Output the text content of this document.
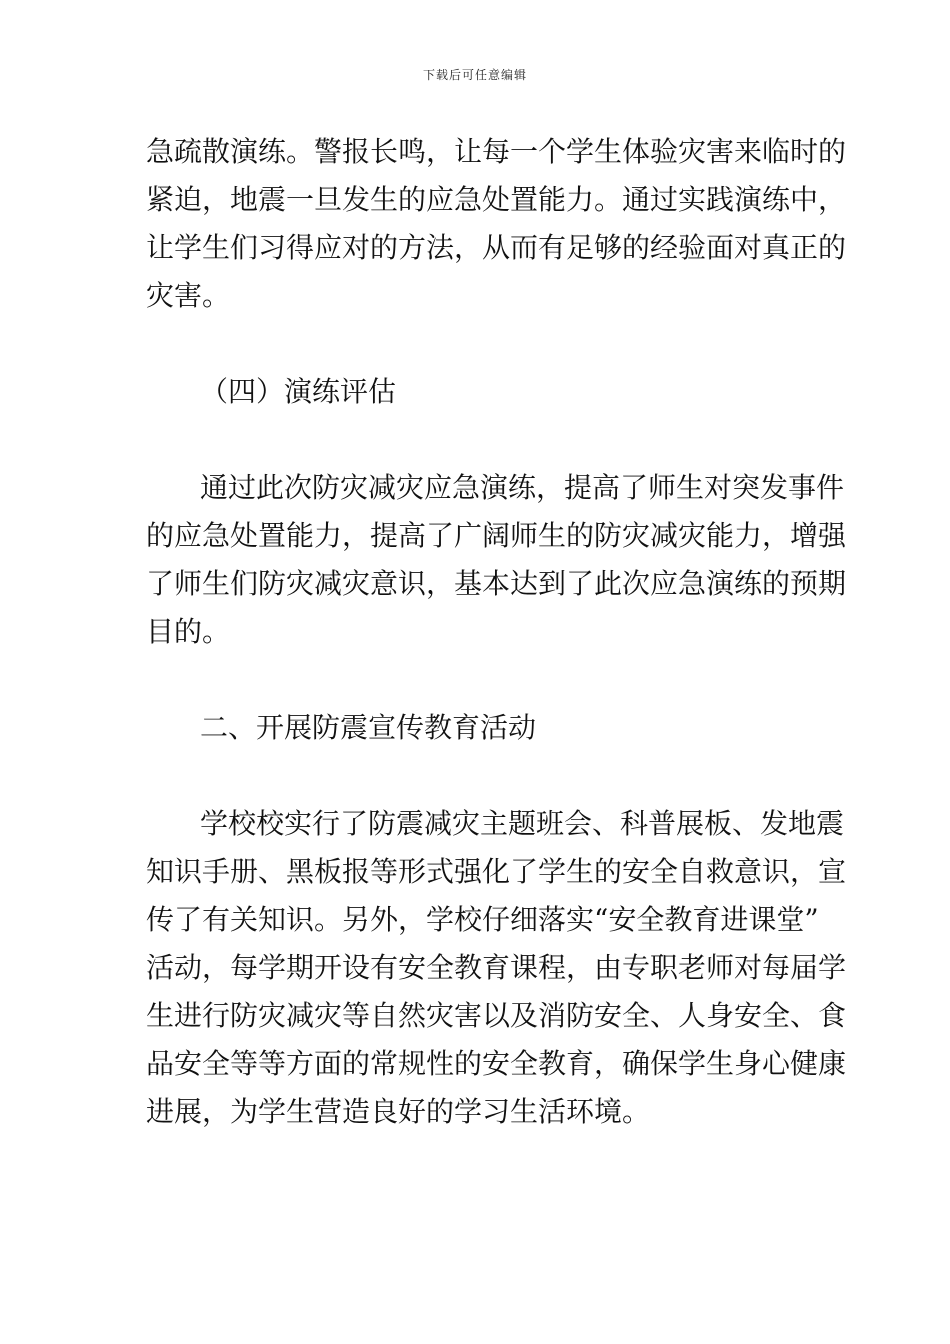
下载后可任意编辑
急疏散演练。警报长鸣，让每一个学生体验灾害来临时的
紧迫，地震一旦发生的应急处置能力。通过实践演练中，
让学生们习得应对的方法，从而有足够的经验面对真正的
灾害。
（四）演练评估
通过此次防灾减灾应急演练，提高了师生对突发事件
的应急处置能力，提高了广阔师生的防灾减灾能力，增强
了师生们防灾减灾意识，基本达到了此次应急演练的预期
目的。
二、开展防震宣传教育活动
学校校实行了防震减灾主题班会、科普展板、发地震
知识手册、黑板报等形式强化了学生的安全自救意识，宣
传了有关知识。另外，学校仔细落实“安全教育进课堂”
活动，每学期开设有安全教育课程，由专职老师对每届学
生进行防灾减灾等自然灾害以及消防安全、人身安全、食
品安全等等方面的常规性的安全教育，确保学生身心健康
进展，为学生营造良好的学习生活环境。
